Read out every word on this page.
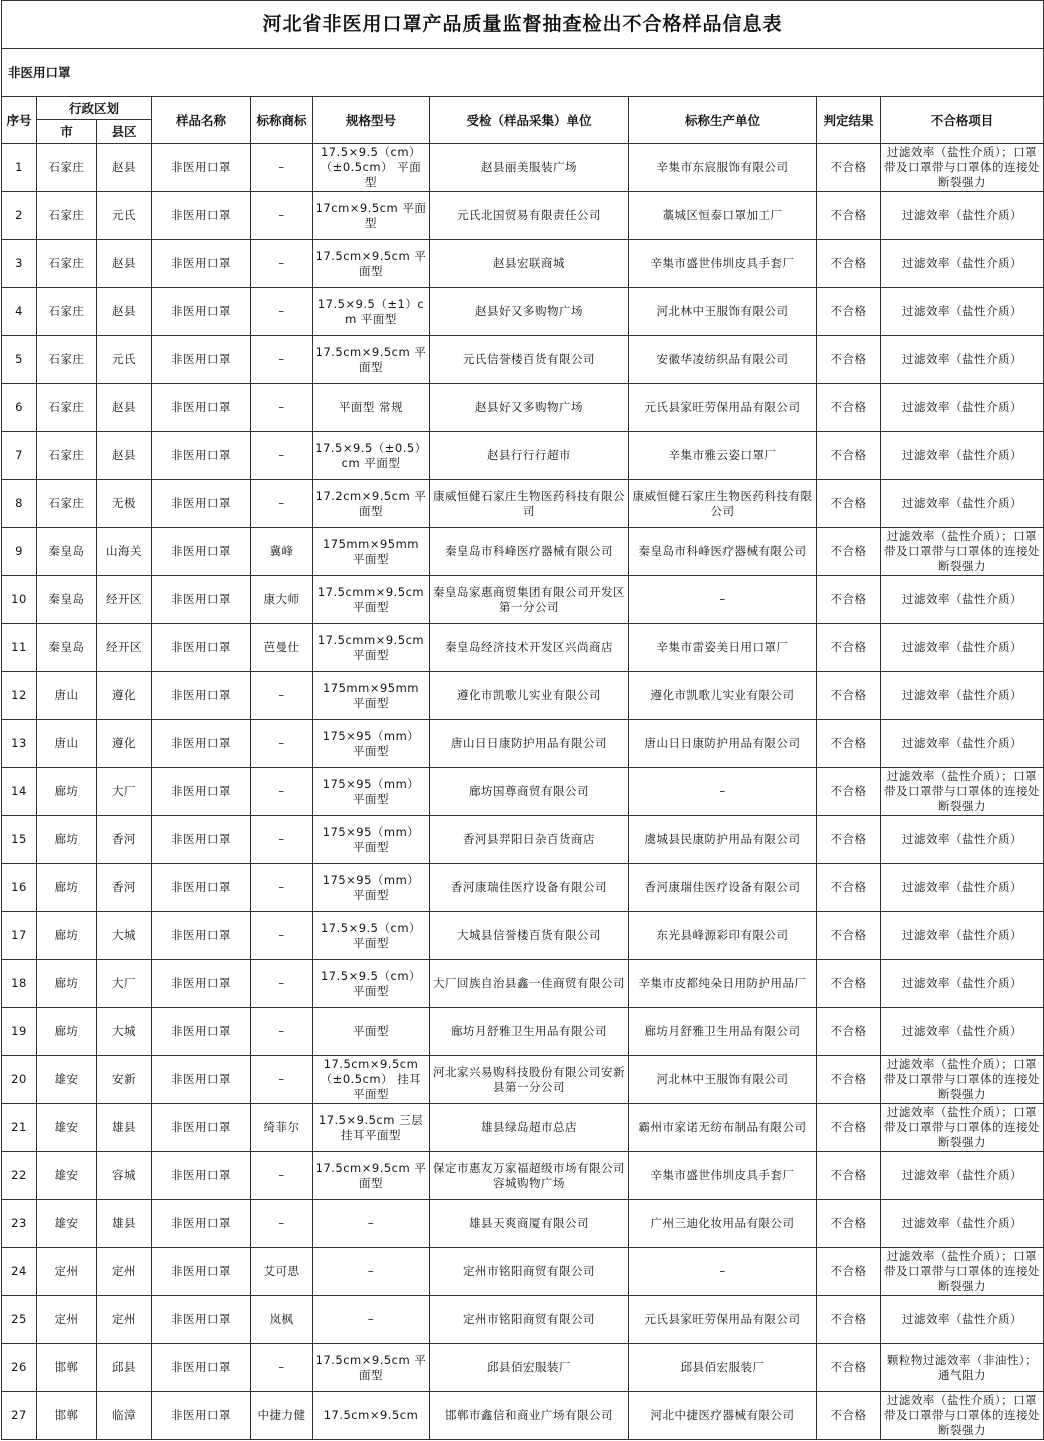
河北省非医用口罩产品质量监督抽查检出不合格样品信息表									
非医用口罩									
序号	行政区划		样品名称	标称商标	规格型号	受检（样品采集）单位	标称生产单位	判定结果	不合格项目
	市	县区							
1	石家庄	赵县	非医用口罩	–	17.5×9.5（cm）（±0.5cm） 平面型	赵县丽美服装广场	辛集市东宸服饰有限公司	不合格	过滤效率（盐性介质）；口罩带及口罩带与口罩体的连接处断裂强力
2	石家庄	元氏	非医用口罩	–	17cm×9.5cm 平面型	元氏北国贸易有限责任公司	藁城区恒泰口罩加工厂	不合格	过滤效率（盐性介质）
3	石家庄	赵县	非医用口罩	–	17.5cm×9.5cm 平面型	赵县宏联商城	辛集市盛世伟圳皮具手套厂	不合格	过滤效率（盐性介质）
4	石家庄	赵县	非医用口罩	–	17.5×9.5（±1）cm 平面型	赵县好又多购物广场	河北林中王服饰有限公司	不合格	过滤效率（盐性介质）
5	石家庄	元氏	非医用口罩	–	17.5cm×9.5cm 平面型	元氏信誉楼百货有限公司	安徽华凌纺织品有限公司	不合格	过滤效率（盐性介质）
6	石家庄	赵县	非医用口罩	–	平面型 常规	赵县好又多购物广场	元氏县家旺劳保用品有限公司	不合格	过滤效率（盐性介质）
7	石家庄	赵县	非医用口罩	–	17.5×9.5（±0.5）cm 平面型	赵县行行行超市	辛集市雅云姿口罩厂	不合格	过滤效率（盐性介质）
8	石家庄	无极	非医用口罩	–	17.2cm×9.5cm 平面型	康威恒健石家庄生物医药科技有限公司	康威恒健石家庄生物医药科技有限公司	不合格	过滤效率（盐性介质）
9	秦皇岛	山海关	非医用口罩	冀峰	175mm×95mm 平面型	秦皇岛市科峰医疗器械有限公司	秦皇岛市科峰医疗器械有限公司	不合格	过滤效率（盐性介质）；口罩带及口罩带与口罩体的连接处断裂强力
10	秦皇岛	经开区	非医用口罩	康大师	17.5cmm×9.5cm 平面型	秦皇岛家惠商贸集团有限公司开发区第一分公司	–	不合格	过滤效率（盐性介质）
11	秦皇岛	经开区	非医用口罩	芭曼仕	17.5cmm×9.5cm 平面型	秦皇岛经济技术开发区兴尚商店	辛集市雷姿美日用口罩厂	不合格	过滤效率（盐性介质）
12	唐山	遵化	非医用口罩	–	175mm×95mm 平面型	遵化市凯歌儿实业有限公司	遵化市凯歌儿实业有限公司	不合格	过滤效率（盐性介质）
13	唐山	遵化	非医用口罩	–	175×95（mm） 平面型	唐山日日康防护用品有限公司	唐山日日康防护用品有限公司	不合格	过滤效率（盐性介质）
14	廊坊	大厂	非医用口罩	–	175×95（mm） 平面型	廊坊国尊商贸有限公司	–	不合格	过滤效率（盐性介质）；口罩带及口罩带与口罩体的连接处断裂强力
15	廊坊	香河	非医用口罩	–	175×95（mm） 平面型	香河县羿阳日杂百货商店	虞城县民康防护用品有限公司	不合格	过滤效率（盐性介质）
16	廊坊	香河	非医用口罩	–	175×95（mm） 平面型	香河康瑞佳医疗设备有限公司	香河康瑞佳医疗设备有限公司	不合格	过滤效率（盐性介质）
17	廊坊	大城	非医用口罩	–	17.5×9.5（cm） 平面型	大城县信誉楼百货有限公司	东光县峰源彩印有限公司	不合格	过滤效率（盐性介质）
18	廊坊	大厂	非医用口罩	–	17.5×9.5（cm） 平面型	大厂回族自治县鑫一佳商贸有限公司	辛集市皮都纯朵日用防护用品厂	不合格	过滤效率（盐性介质）
19	廊坊	大城	非医用口罩	–	平面型	廊坊月舒雅卫生用品有限公司	廊坊月舒雅卫生用品有限公司	不合格	过滤效率（盐性介质）
20	雄安	安新	非医用口罩	–	17.5cm×9.5cm（±0.5cm） 挂耳平面型	河北家兴易购科技股份有限公司安新县第一分公司	河北林中王服饰有限公司	不合格	过滤效率（盐性介质）；口罩带及口罩带与口罩体的连接处断裂强力
21	雄安	雄县	非医用口罩	绮菲尔	17.5×9.5cm 三层挂耳平面型	雄县绿岛超市总店	霸州市家诺无纺布制品有限公司	不合格	过滤效率（盐性介质）；口罩带及口罩带与口罩体的连接处断裂强力
22	雄安	容城	非医用口罩	–	17.5cm×9.5cm 平面型	保定市惠友万家福超级市场有限公司容城购物广场	辛集市盛世伟圳皮具手套厂	不合格	过滤效率（盐性介质）
23	雄安	雄县	非医用口罩	–	–	雄县天爽商厦有限公司	广州三迪化妆用品有限公司	不合格	过滤效率（盐性介质）
24	定州	定州	非医用口罩	艾可思	–	定州市铭阳商贸有限公司	–	不合格	过滤效率（盐性介质）；口罩带及口罩带与口罩体的连接处断裂强力
25	定州	定州	非医用口罩	岚枫	–	定州市铭阳商贸有限公司	元氏县家旺劳保用品有限公司	不合格	过滤效率（盐性介质）
26	邯郸	邱县	非医用口罩	–	17.5cm×9.5cm 平面型	邱县佰宏服装厂	邱县佰宏服装厂	不合格	颗粒物过滤效率（非油性）；通气阻力
27	邯郸	临漳	非医用口罩	中捷力健	17.5cm×9.5cm	邯郸市鑫信和商业广场有限公司	河北中捷医疗器械有限公司	不合格	过滤效率（盐性介质）；口罩带及口罩带与口罩体的连接处断裂强力
